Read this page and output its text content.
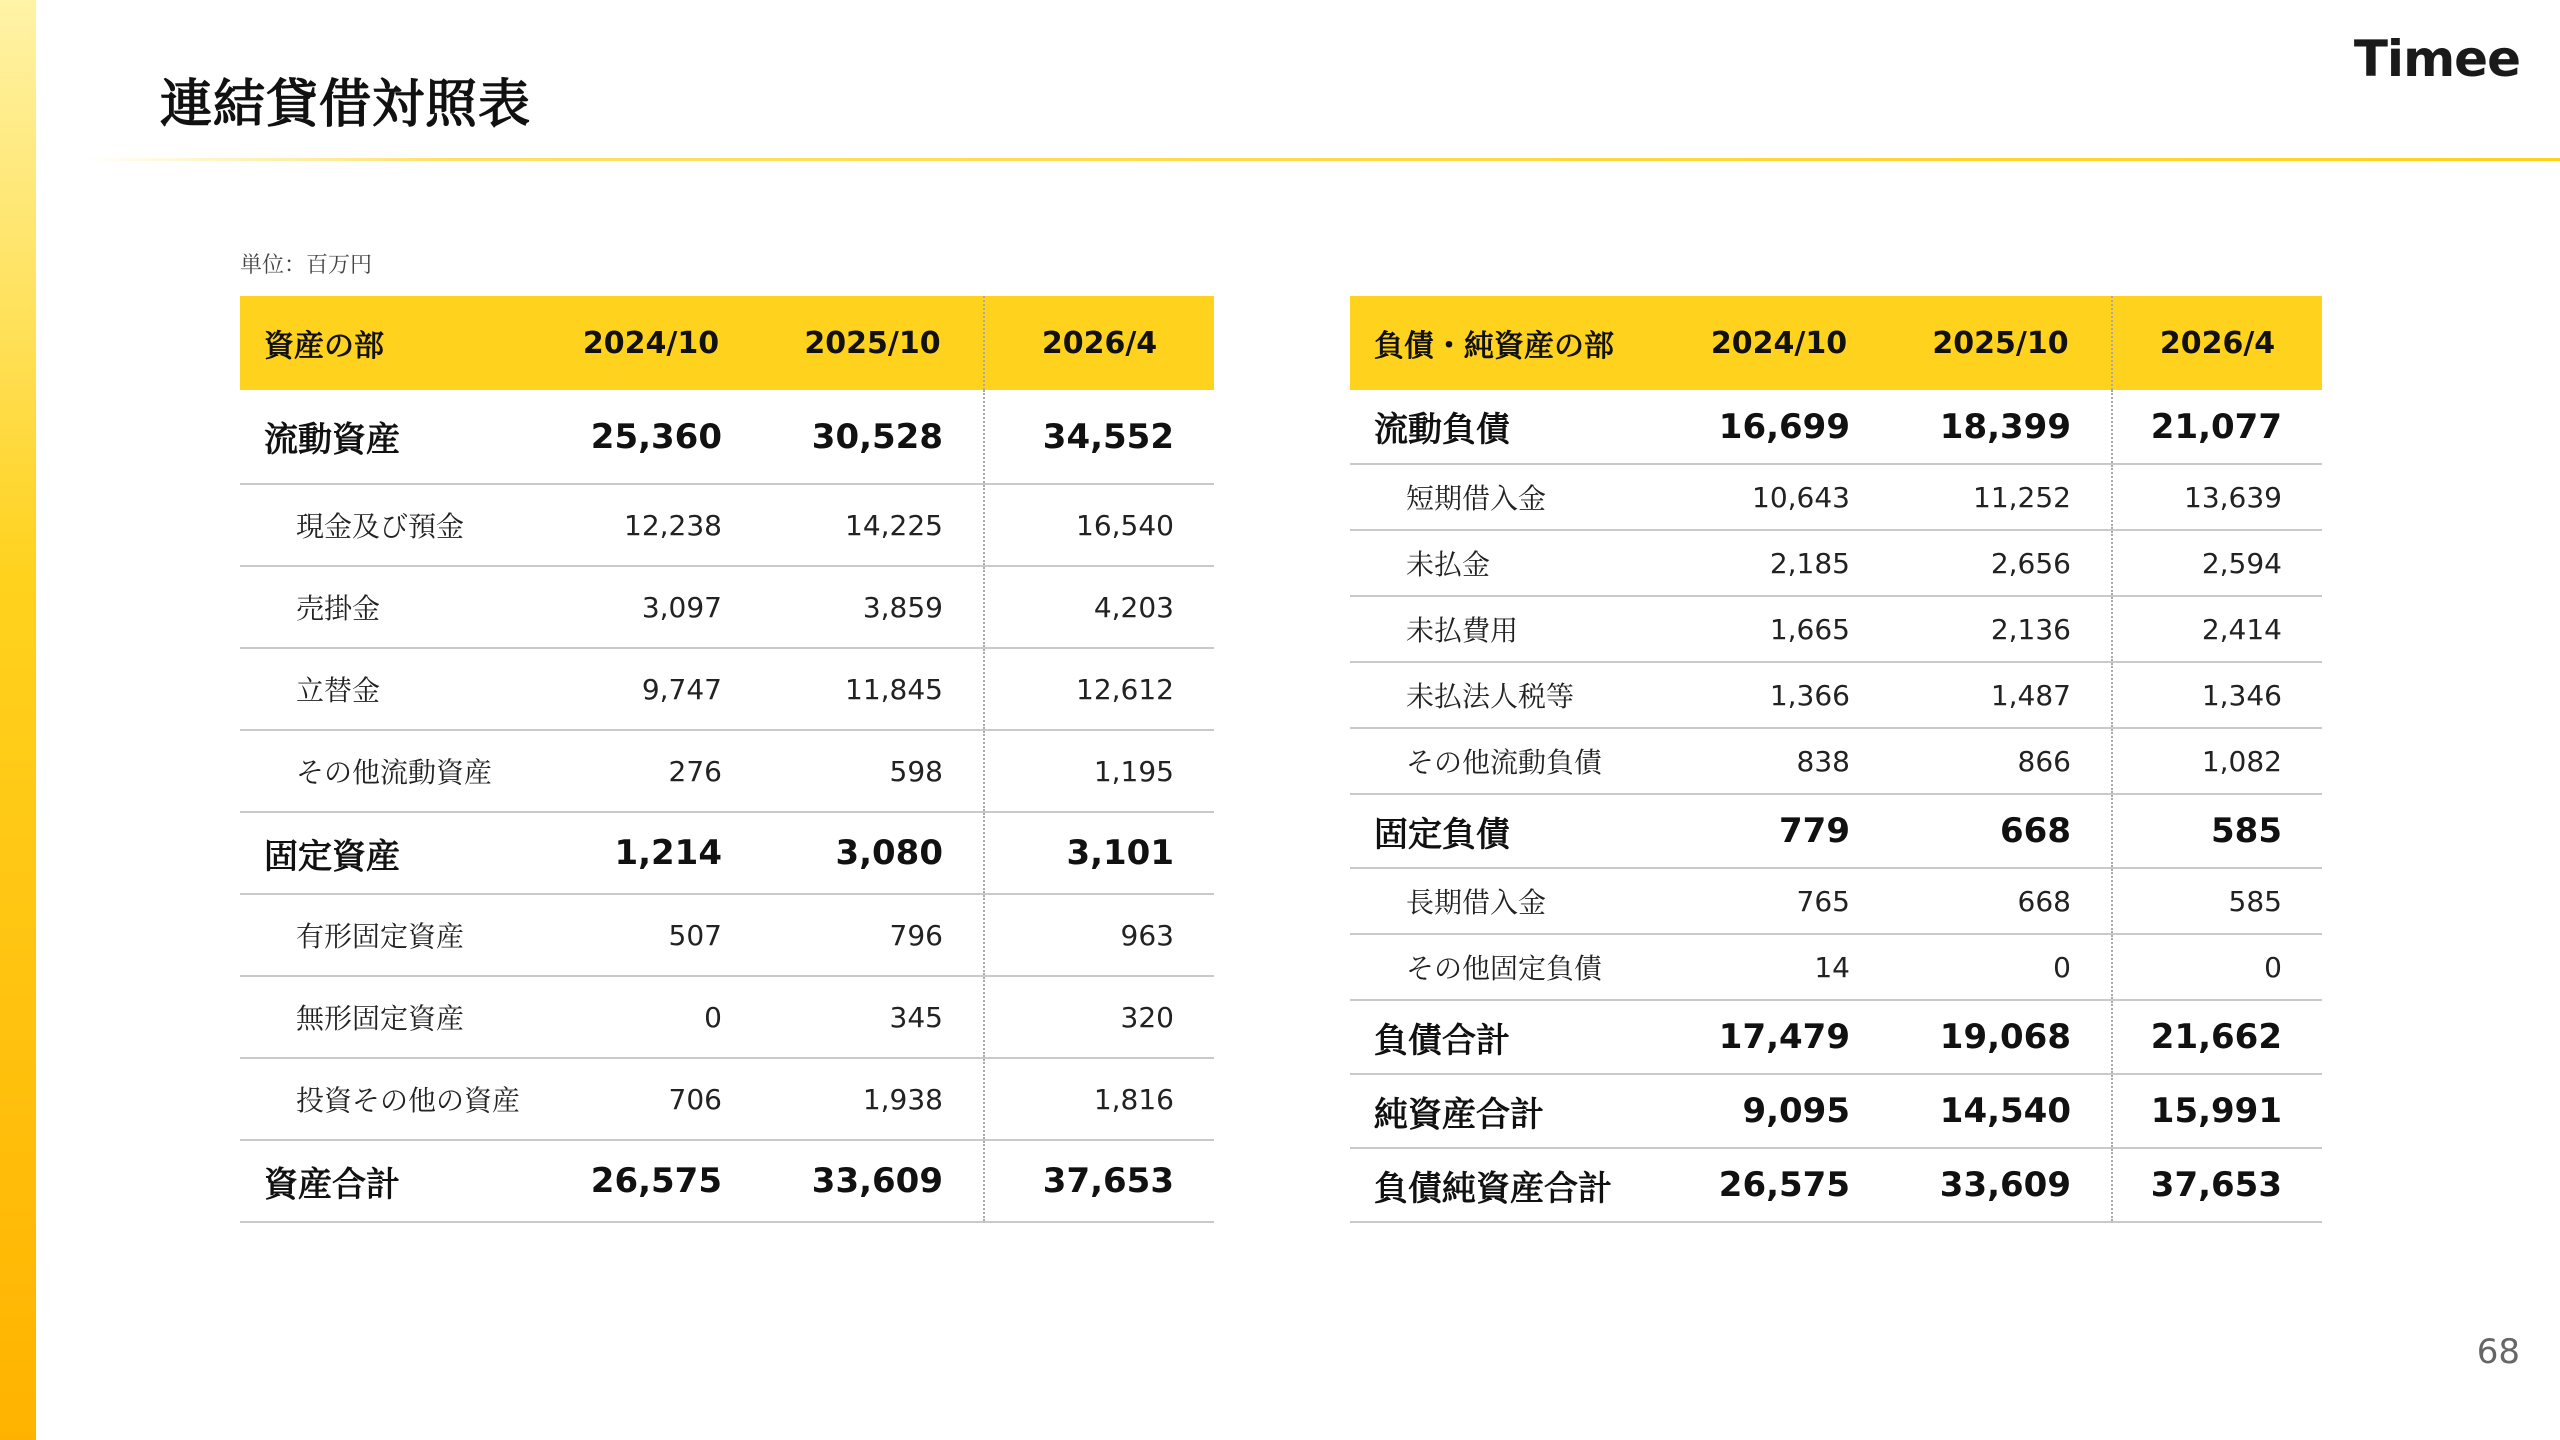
連結貸借対照表
Timee
単位：百万円
資産の部	2024/10	2025/10	2026/4
流動資産	25,360	30,528	34,552
現金及び預金	12,238	14,225	16,540
売掛金	3,097	3,859	4,203
立替金	9,747	11,845	12,612
その他流動資産	276	598	1,195
固定資産	1,214	3,080	3,101
有形固定資産	507	796	963
無形固定資産	0	345	320
投資その他の資産	706	1,938	1,816
資産合計	26,575	33,609	37,653
負債・純資産の部	2024/10	2025/10	2026/4
流動負債	16,699	18,399	21,077
短期借入金	10,643	11,252	13,639
未払金	2,185	2,656	2,594
未払費用	1,665	2,136	2,414
未払法人税等	1,366	1,487	1,346
その他流動負債	838	866	1,082
固定負債	779	668	585
長期借入金	765	668	585
その他固定負債	14	0	0
負債合計	17,479	19,068	21,662
純資産合計	9,095	14,540	15,991
負債純資産合計	26,575	33,609	37,653
68
